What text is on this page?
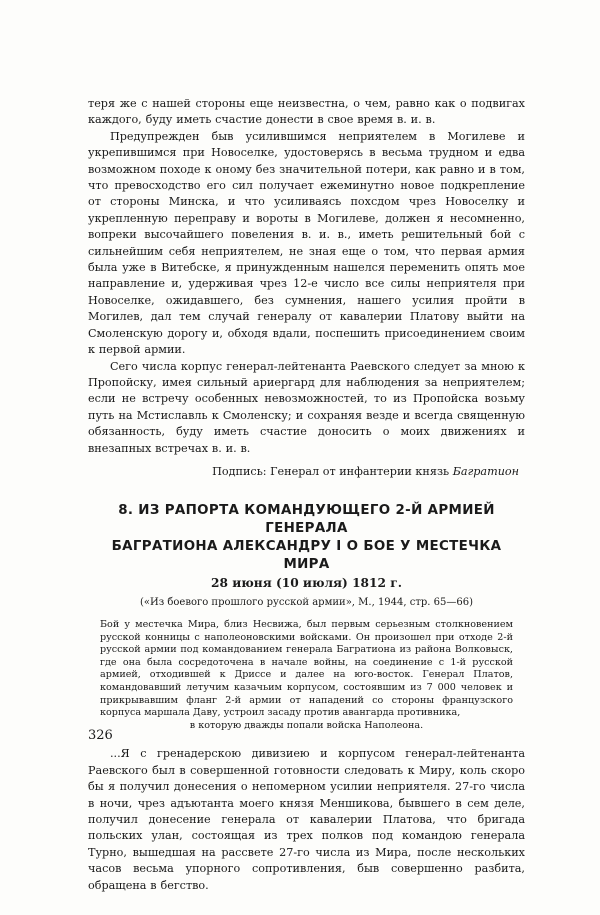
теря же с нашей стороны еще неизвестна, о чем, равно как о подвигах каждого, буду иметь счастие донести в свое время в. и. в.

Предупрежден быв усилившимся неприятелем в Могилеве и укрепившимся при Новоселке, удостоверясь в весьма трудном и едва возможном походе к оному без значительной потери, как равно и в том, что превосходство его сил получает ежеминутно новое подкрепление от стороны Минска, и что усиливаясь похсдом чрез Новоселку и укрепленную переправу и вороты в Могилеве, должен я несомненно, вопреки высочайшего повеления в. и. в., иметь решительный бой с сильнейшим себя неприятелем, не зная еще о том, что первая армия была уже в Витебске, я принужденным нашелся переменить опять мое направление и, удерживая чрез 12-е число все силы неприятеля при Новоселке, ожидавшего, без сумнения, нашего усилия пройти в Могилев, дал тем случай генералу от кавалерии Платову выйти на Смоленскую дорогу и, обходя вдали, поспешить присоединением своим к первой армии.

Сего числа корпус генерал-лейтенанта Раевского следует за мною к Пропойску, имея сильный ариергард для наблюдения за неприятелем; если не встречу особенных невозможностей, то из Пропойска возьму путь на Мстиславль к Смоленску; и сохраняя везде и всегда священную обязанность, буду иметь счастие доносить о моих движениях и внезапных встречах в. и. в.

Подпись: Генерал от инфантерии князь Багратион

8. ИЗ РАПОРТА КОМАНДУЮЩЕГО 2-Й АРМИЕЙ ГЕНЕРАЛА
БАГРАТИОНА АЛЕКСАНДРУ I О БОЕ У МЕСТЕЧКА МИРА

28 июня (10 июля) 1812 г.

(«Из боевого прошлого русской армии», М., 1944, стр. 65—66)

Бой у местечка Мира, близ Несвижа, был первым серьезным столкновением русской конницы с наполеоновскими войсками. Он произошел при отходе 2-й русской армии под командованием генерала Багратиона из района Волковыск, где она была сосредоточена в начале войны, на соединение с 1-й русской армией, отходившей к Дриссе и далее на юго-восток. Генерал Платов, командовавший летучим казачьим корпусом, состоявшим из 7 000 человек и прикрывавшим фланг 2-й армии от нападений со стороны французского корпуса маршала Даву, устроил засаду против авангарда противника,
в которую дважды попали войска Наполеона.

...Я с гренадерскою дивизиею и корпусом генерал-лейтенанта Раевского был в совершенной готовности следовать к Миру, коль скоро бы я получил донесения о непомерном усилии неприятеля. 27-го числа в ночи, чрез адъютанта моего князя Меншикова, бывшего в сем деле, получил донесение генерала от кавалерии Платова, что бригада польских улан, состоящая из трех полков под командою генерала Турно, вышедшая на рассвете 27-го числа из Мира, после нескольких часов весьма упорного сопротивления, быв совершенно разбита, обращена в бегство.

326
